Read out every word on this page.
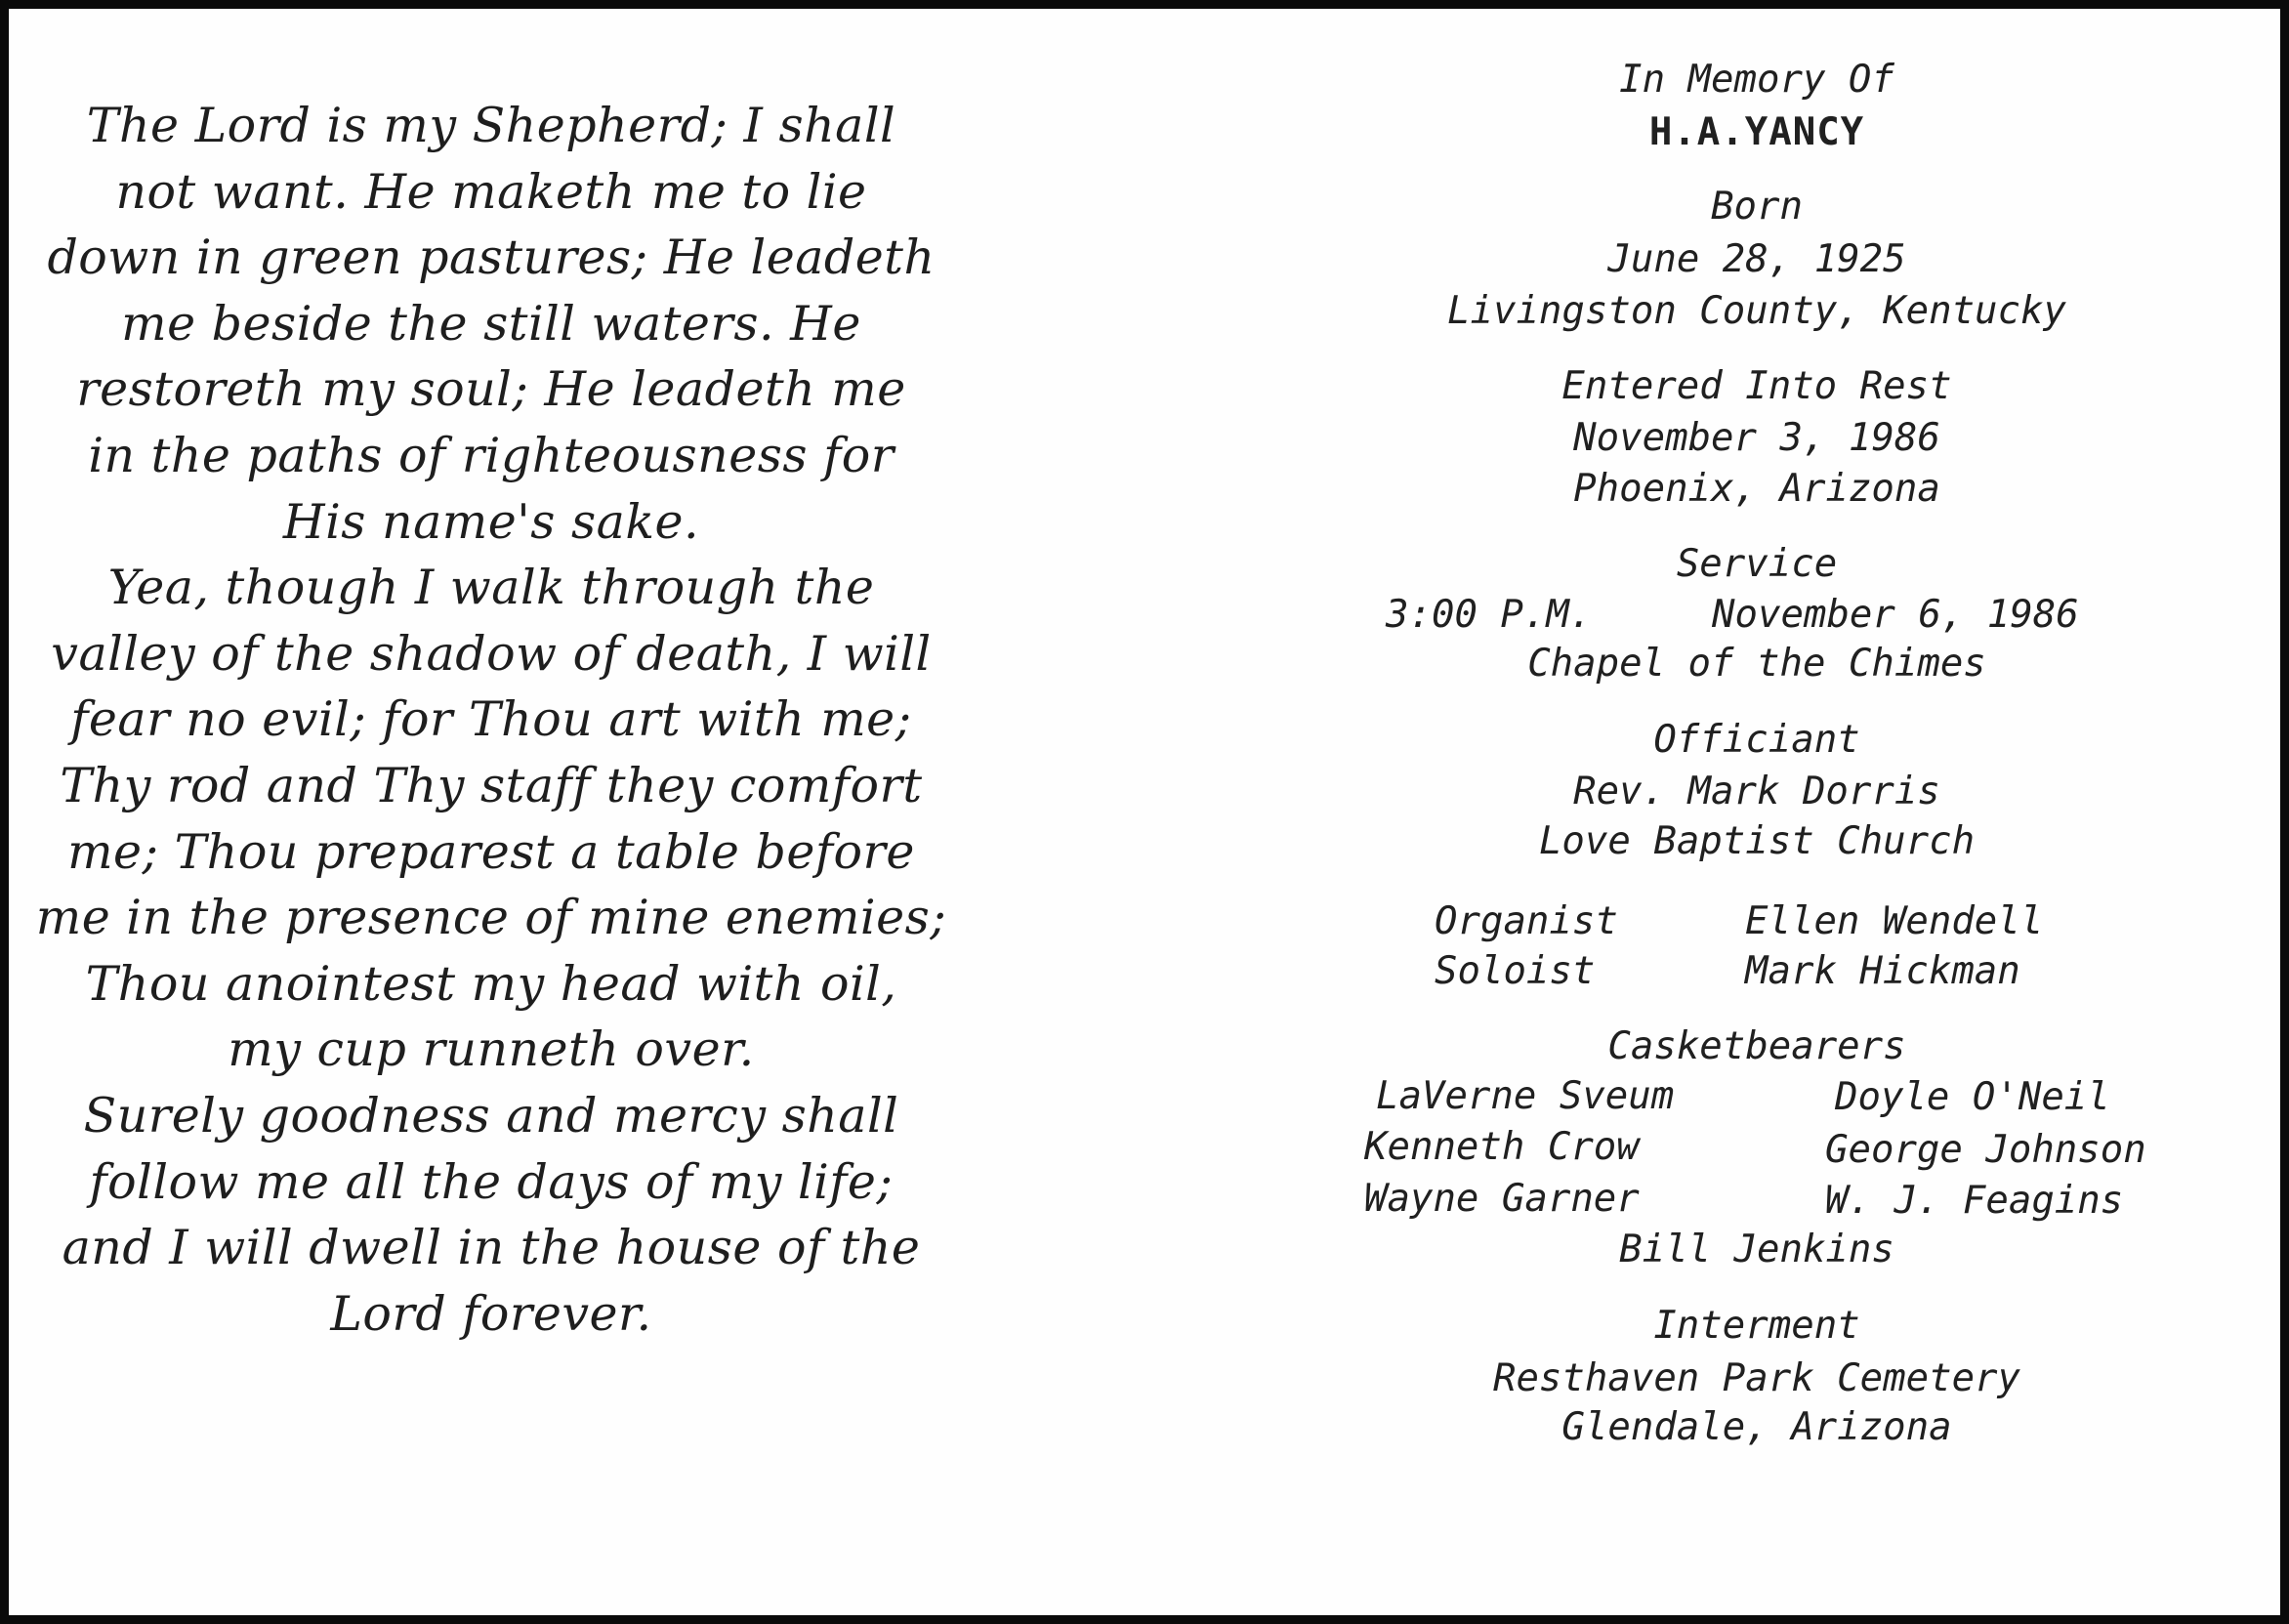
The Lord is my Shepherd; I shall
not want. He maketh me to lie
down in green pastures; He leadeth
me beside the still waters. He
restoreth my soul; He leadeth me
in the paths of righteousness for
His name's sake.
Yea, though I walk through the
valley of the shadow of death, I will
fear no evil; for Thou art with me;
Thy rod and Thy staff they comfort
me; Thou preparest a table before
me in the presence of mine enemies;
Thou anointest my head with oil,
my cup runneth over.
Surely goodness and mercy shall
follow me all the days of my life;
and I will dwell in the house of the
Lord forever.
In Memory Of
H.A.YANCY
Born
June 28, 1925
Livingston County, Kentucky
Entered Into Rest
November 3, 1986
Phoenix, Arizona
Service
3:00 P.M.	November 6, 1986
Chapel of the Chimes
Officiant
Rev. Mark Dorris
Love Baptist Church
Organist	Ellen Wendell
Soloist	Mark Hickman
Casketbearers
LaVerne Sveum	Doyle O'Neil
Kenneth Crow	George Johnson
Wayne Garner	W. J. Feagins
Bill Jenkins
Interment
Resthaven Park Cemetery
Glendale, Arizona
